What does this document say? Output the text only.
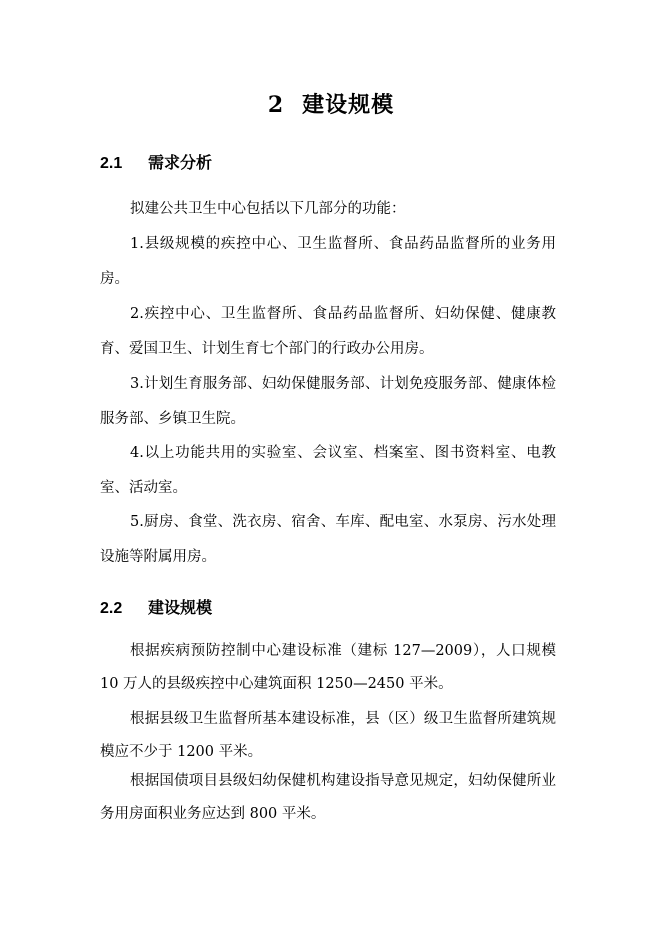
2 建设规模
2.1 需求分析
拟建公共卫生中心包括以下几部分的功能：
1.县级规模的疾控中心、卫生监督所、食品药品监督所的业务用房。
2.疾控中心、卫生监督所、食品药品监督所、妇幼保健、健康教育、爱国卫生、计划生育七个部门的行政办公用房。
3.计划生育服务部、妇幼保健服务部、计划免疫服务部、健康体检服务部、乡镇卫生院。
4.以上功能共用的实验室、会议室、档案室、图书资料室、电教室、活动室。
5.厨房、食堂、洗衣房、宿舍、车库、配电室、水泵房、污水处理设施等附属用房。
2.2 建设规模
根据疾病预防控制中心建设标准（建标 127—2009），人口规模 10 万人的县级疾控中心建筑面积 1250—2450 平米。
根据县级卫生监督所基本建设标准，县（区）级卫生监督所建筑规模应不少于 1200 平米。
根据国债项目县级妇幼保健机构建设指导意见规定，妇幼保健所业务用房面积业务应达到 800 平米。
